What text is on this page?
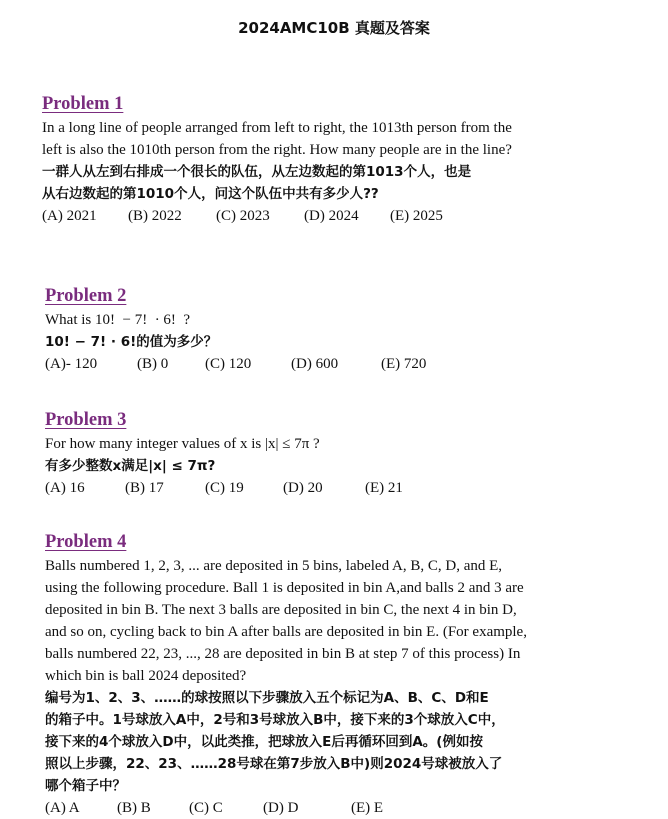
2024AMC10B 真题及答案
Problem 1
In a long line of people arranged from left to right, the 1013th person from the
left is also the 1010th person from the right. How many people are in the line?
一群人从左到右排成一个很长的队伍，从左边数起的第1013个人，也是
从右边数起的第1010个人，问这个队伍中共有多少人??
(A) 2021	(B) 2022	(C) 2023	(D) 2024	(E) 2025
Problem 2
What is 10!  − 7!  · 6!  ?
10! − 7! · 6!的值为多少？
(A)- 120	(B) 0	(C) 120	(D) 600	(E) 720
Problem 3
For how many integer values of x is |x| ≤ 7π ?
有多少整数x满足|x| ≤ 7π?
(A) 16	(B) 17	(C) 19	(D) 20	(E) 21
Problem 4
Balls numbered 1, 2, 3, ... are deposited in 5 bins, labeled A, B, C, D, and E,
using the following procedure. Ball 1 is deposited in bin A,and balls 2 and 3 are
deposited in bin B. The next 3 balls are deposited in bin C, the next 4 in bin D,
and so on, cycling back to bin A after balls are deposited in bin E. (For example,
balls numbered 22, 23, ..., 28 are deposited in bin B at step 7 of this process) In
which bin is ball 2024 deposited?
编号为1、2、3、……的球按照以下步骤放入五个标记为A、B、C、D和E
的箱子中。1号球放入A中，2号和3号球放入B中，接下来的3个球放入C中，
接下来的4个球放入D中，以此类推，把球放入E后再循环回到A。(例如按
照以上步骤，22、23、……28号球在第7步放入B中)则2024号球被放入了
哪个箱子中？
(A) A	(B) B	(C) C	(D) D	(E) E
